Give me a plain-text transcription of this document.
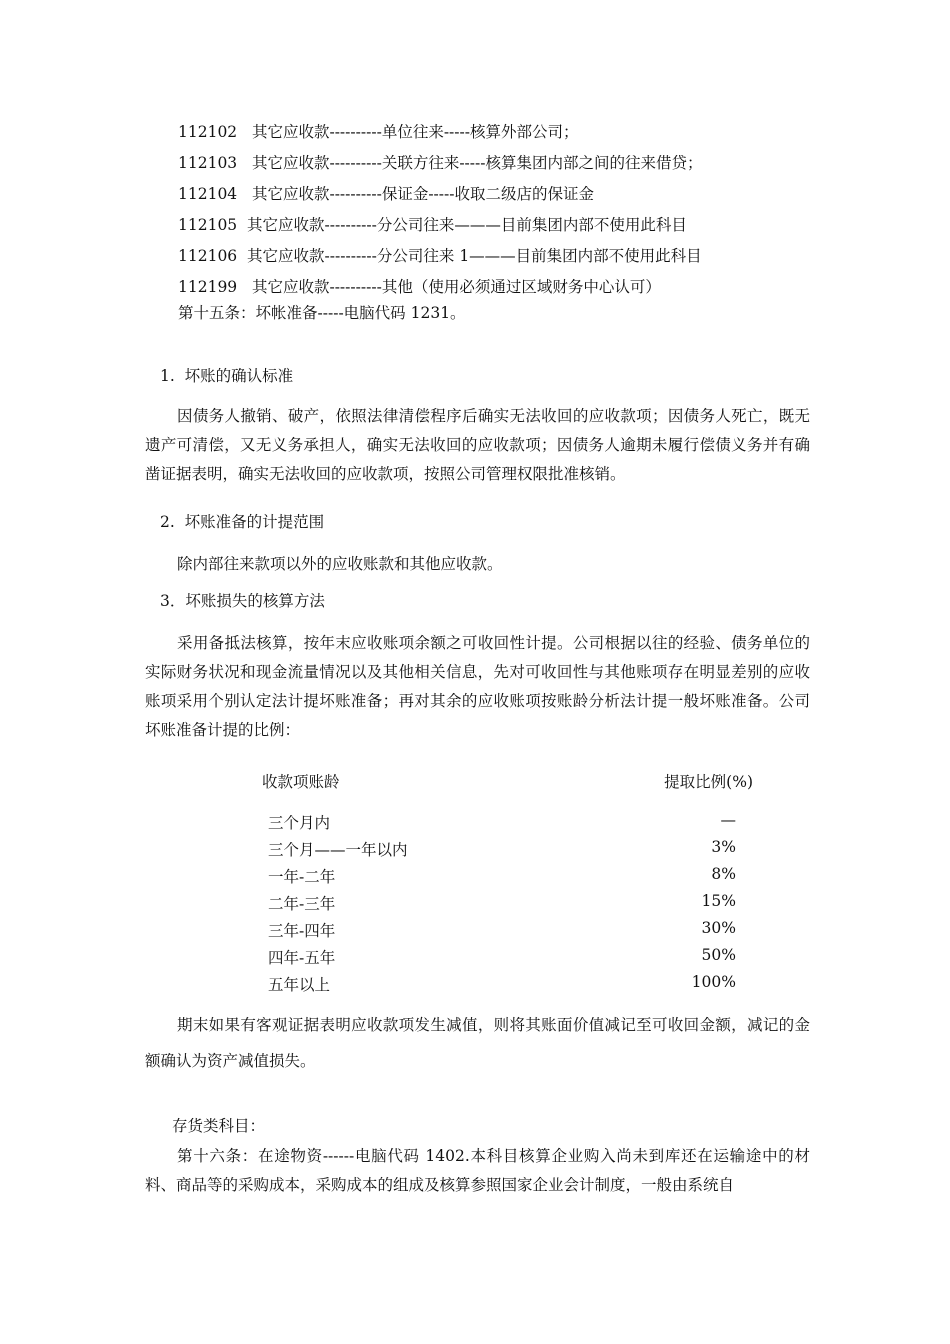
112102   其它应收款----------单位往来-----核算外部公司；
112103   其它应收款----------关联方往来-----核算集团内部之间的往来借贷；
112104   其它应收款----------保证金-----收取二级店的保证金
112105  其它应收款----------分公司往来———目前集团内部不使用此科目
112106  其它应收款----------分公司往来 1———目前集团内部不使用此科目
112199   其它应收款----------其他（使用必须通过区域财务中心认可）
第十五条：坏帐准备-----电脑代码 1231。
1.  坏账的确认标准
因债务人撤销、破产，依照法律清偿程序后确实无法收回的应收款项；因债务人死亡，既无遗产可清偿，又无义务承担人，确实无法收回的应收款项；因债务人逾期未履行偿债义务并有确凿证据表明，确实无法收回的应收款项，按照公司管理权限批准核销。
2.  坏账准备的计提范围
除内部往来款项以外的应收账款和其他应收款。
3．坏账损失的核算方法
采用备抵法核算，按年末应收账项余额之可收回性计提。公司根据以往的经验、债务单位的实际财务状况和现金流量情况以及其他相关信息，先对可收回性与其他账项存在明显差别的应收账项采用个别认定法计提坏账准备；再对其余的应收账项按账龄分析法计提一般坏账准备。公司坏账准备计提的比例：
收款项账龄	提取比例(%)
三个月内	—
三个月——一年以内	3%
一年-二年	8%
二年-三年	15%
三年-四年	30%
四年-五年	50%
五年以上	100%
期末如果有客观证据表明应收款项发生减值，则将其账面价值减记至可收回金额，减记的金额确认为资产减值损失。
存货类科目：
第十六条：在途物资------电脑代码 1402.本科目核算企业购入尚未到库还在运输途中的材料、商品等的采购成本，采购成本的组成及核算参照国家企业会计制度，一般由系统自
